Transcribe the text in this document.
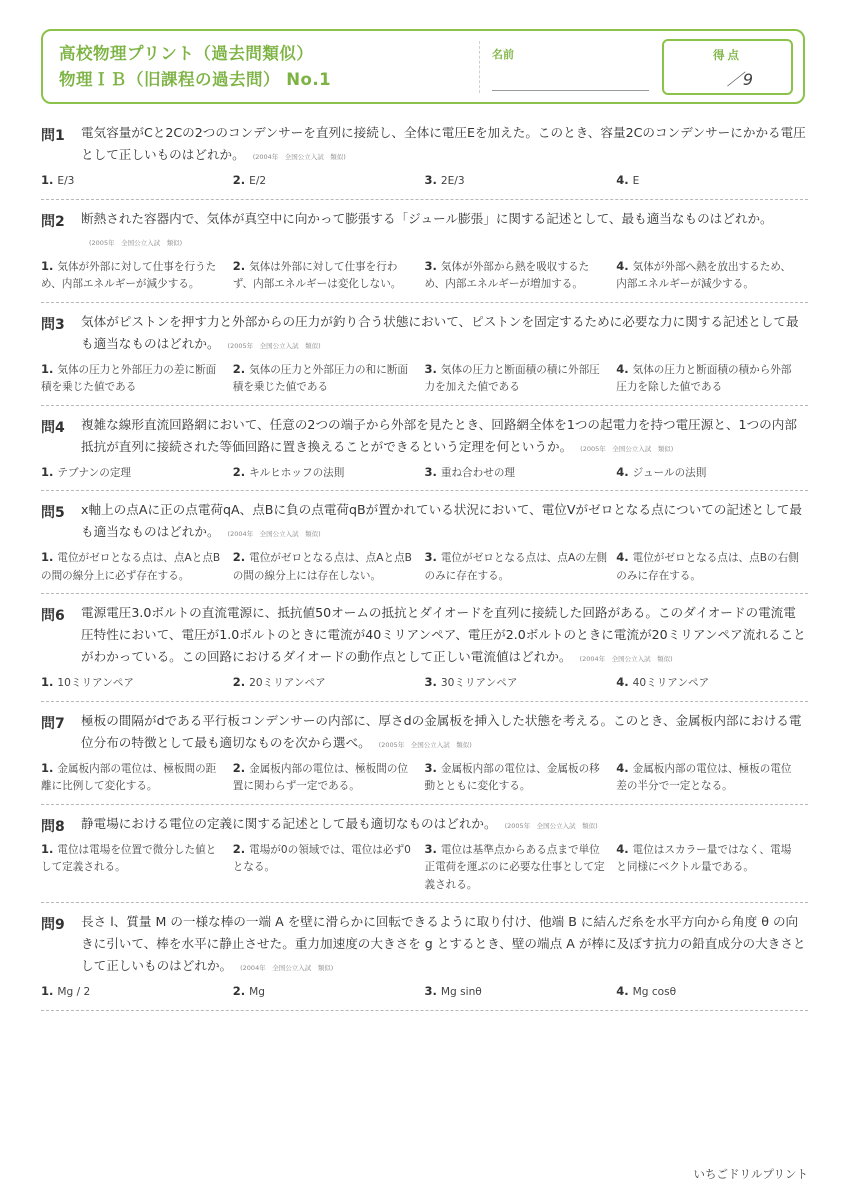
高校物理プリント（過去問類似）
物理ＩＢ（旧課程の過去問） No.1
名前	得点
／9
問1	電気容量がCと2Cの2つのコンデンサーを直列に接続し、全体に電圧Eを加えた。このとき、容量2Cのコンデンサーにかかる電圧として正しいものはどれか。 (2004年　全国公立入試　類似)
1. E/3	2. E/2	3. 2E/3	4. E
問2	断熱された容器内で、気体が真空中に向かって膨張する「ジュール膨張」に関する記述として、最も適当なものはどれか。(2005年　全国公立入試　類似)
1. 気体が外部に対して仕事を行うため、内部エネルギーが減少する。
2. 気体は外部に対して仕事を行わず、内部エネルギーは変化しない。
3. 気体が外部から熱を吸収するため、内部エネルギーが増加する。
4. 気体が外部へ熱を放出するため、内部エネルギーが減少する。
問3	気体がピストンを押す力と外部からの圧力が釣り合う状態において、ピストンを固定するために必要な力に関する記述として最も適当なものはどれか。 (2005年　全国公立入試　類似)
1. 気体の圧力と外部圧力の差に断面積を乗じた値である
2. 気体の圧力と外部圧力の和に断面積を乗じた値である
3. 気体の圧力と断面積の積に外部圧力を加えた値である
4. 気体の圧力と断面積の積から外部圧力を除した値である
問4	複雑な線形直流回路網において、任意の2つの端子から外部を見たとき、回路網全体を1つの起電力を持つ電圧源と、1つの内部抵抗が直列に接続された等価回路に置き換えることができるという定理を何というか。 (2005年　全国公立入試　類似)
1. テブナンの定理	2. キルヒホッフの法則	3. 重ね合わせの理	4. ジュールの法則
問5	x軸上の点Aに正の点電荷qA、点Bに負の点電荷qBが置かれている状況において、電位Vがゼロとなる点についての記述として最も適当なものはどれか。 (2004年　全国公立入試　類似)
1. 電位がゼロとなる点は、点Aと点Bの間の線分上に必ず存在する。
2. 電位がゼロとなる点は、点Aと点Bの間の線分上には存在しない。
3. 電位がゼロとなる点は、点Aの左側のみに存在する。
4. 電位がゼロとなる点は、点Bの右側のみに存在する。
問6	電源電圧3.0ボルトの直流電源に、抵抗値50オームの抵抗とダイオードを直列に接続した回路がある。このダイオードの電流電圧特性において、電圧が1.0ボルトのときに電流が40ミリアンペア、電圧が2.0ボルトのときに電流が20ミリアンペア流れることがわかっている。この回路におけるダイオードの動作点として正しい電流値はどれか。 (2004年　全国公立入試　類似)
1. 10ミリアンペア	2. 20ミリアンペア	3. 30ミリアンペア	4. 40ミリアンペア
問7	極板の間隔がdである平行板コンデンサーの内部に、厚さdの金属板を挿入した状態を考える。このとき、金属板内部における電位分布の特徴として最も適切なものを次から選べ。 (2005年　全国公立入試　類似)
1. 金属板内部の電位は、極板間の距離に比例して変化する。
2. 金属板内部の電位は、極板間の位置に関わらず一定である。
3. 金属板内部の電位は、金属板の移動とともに変化する。
4. 金属板内部の電位は、極板の電位差の半分で一定となる。
問8	静電場における電位の定義に関する記述として最も適切なものはどれか。 (2005年　全国公立入試　類似)
1. 電位は電場を位置で微分した値として定義される。
2. 電場が0の領域では、電位は必ず0となる。
3. 電位は基準点からある点まで単位正電荷を運ぶのに必要な仕事として定義される。
4. 電位はスカラー量ではなく、電場と同様にベクトル量である。
問9	長さ l、質量 M の一様な棒の一端 A を壁に滑らかに回転できるように取り付け、他端 B に結んだ糸を水平方向から角度 θ の向きに引いて、棒を水平に静止させた。重力加速度の大きさを g とするとき、壁の端点 A が棒に及ぼす抗力の鉛直成分の大きさとして正しいものはどれか。 (2004年　全国公立入試　類似)
1. Mg / 2	2. Mg	3. Mg sinθ	4. Mg cosθ
いちごドリルプリント
